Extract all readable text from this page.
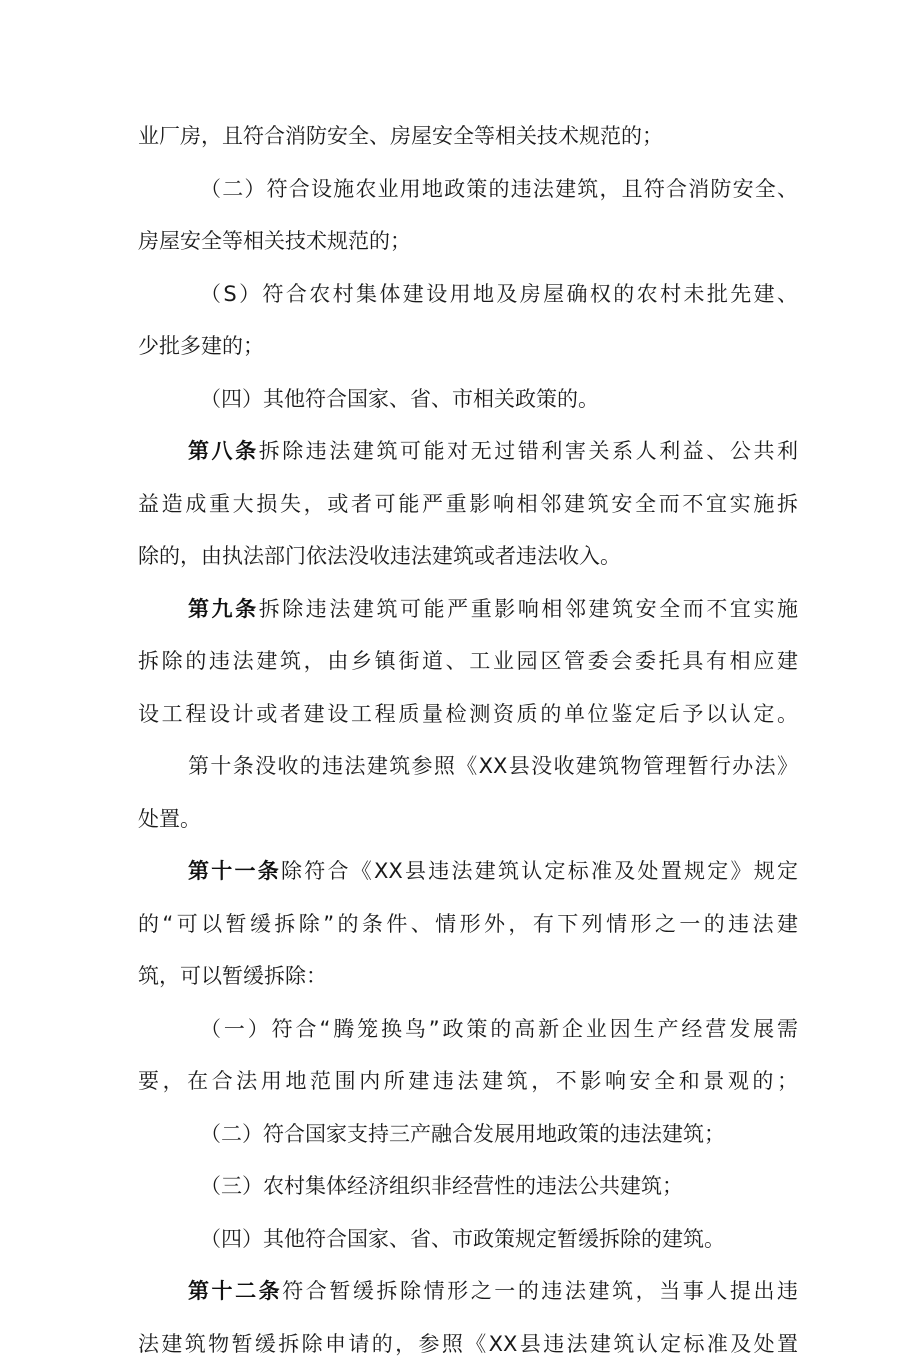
业厂房，且符合消防安全、房屋安全等相关技术规范的；
（二）符合设施农业用地政策的违法建筑，且符合消防安全、
房屋安全等相关技术规范的；
（S）符合农村集体建设用地及房屋确权的农村未批先建、
少批多建的；
（四）其他符合国家、省、市相关政策的。
第八条拆除违法建筑可能对无过错利害关系人利益、公共利
益造成重大损失，或者可能严重影响相邻建筑安全而不宜实施拆
除的，由执法部门依法没收违法建筑或者违法收入。
第九条拆除违法建筑可能严重影响相邻建筑安全而不宜实施
拆除的违法建筑，由乡镇街道、工业园区管委会委托具有相应建
设工程设计或者建设工程质量检测资质的单位鉴定后予以认定。
第十条没收的违法建筑参照《XX县没收建筑物管理暂行办法》
处置。
第十一条除符合《XX县违法建筑认定标准及处置规定》规定
的“可以暂缓拆除”的条件、情形外，有下列情形之一的违法建
筑，可以暂缓拆除：
（一）符合“腾笼换鸟”政策的高新企业因生产经营发展需
要，在合法用地范围内所建违法建筑，不影响安全和景观的；
（二）符合国家支持三产融合发展用地政策的违法建筑；
（三）农村集体经济组织非经营性的违法公共建筑；
（四）其他符合国家、省、市政策规定暂缓拆除的建筑。
第十二条符合暂缓拆除情形之一的违法建筑，当事人提出违
法建筑物暂缓拆除申请的，参照《XX县违法建筑认定标准及处置
